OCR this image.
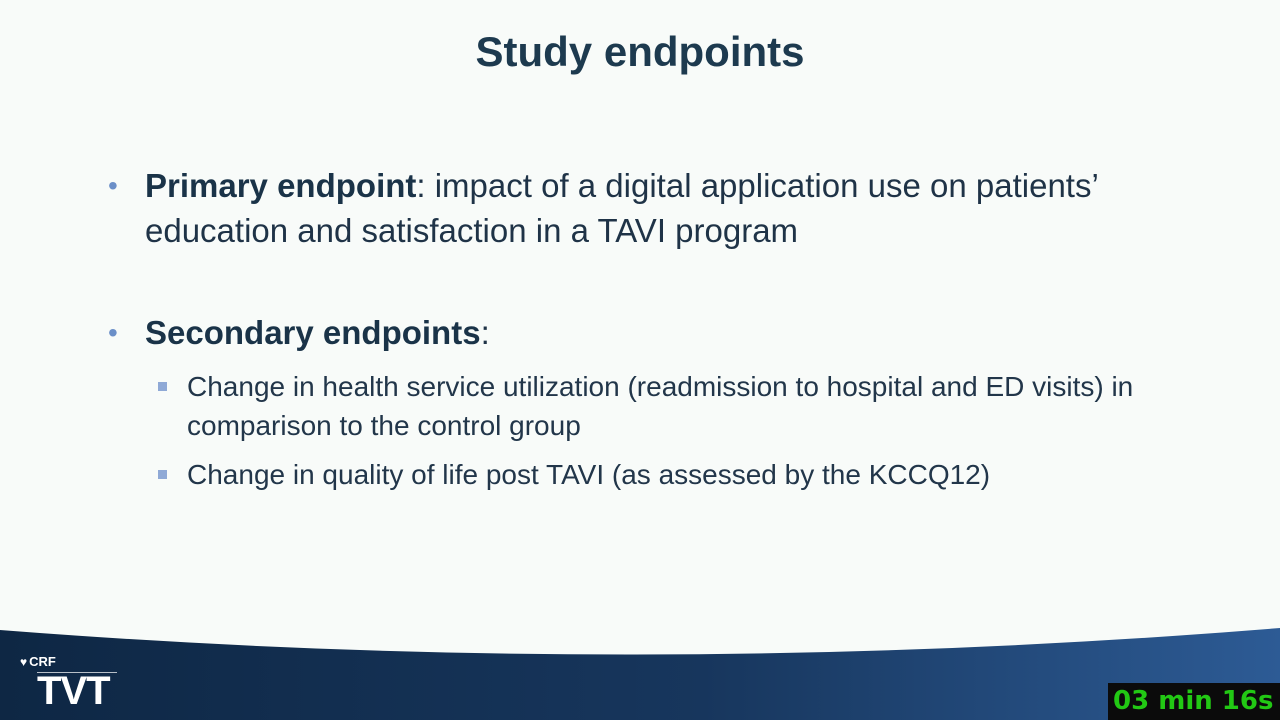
Study endpoints
• Primary endpoint: impact of a digital application use on patients’ education and satisfaction in a TAVI program
• Secondary endpoints:
Change in health service utilization (readmission to hospital and ED visits) in comparison to the control group
Change in quality of life post TAVI (as assessed by the KCCQ12)
♥ CRF
TVT	03 min 16s
